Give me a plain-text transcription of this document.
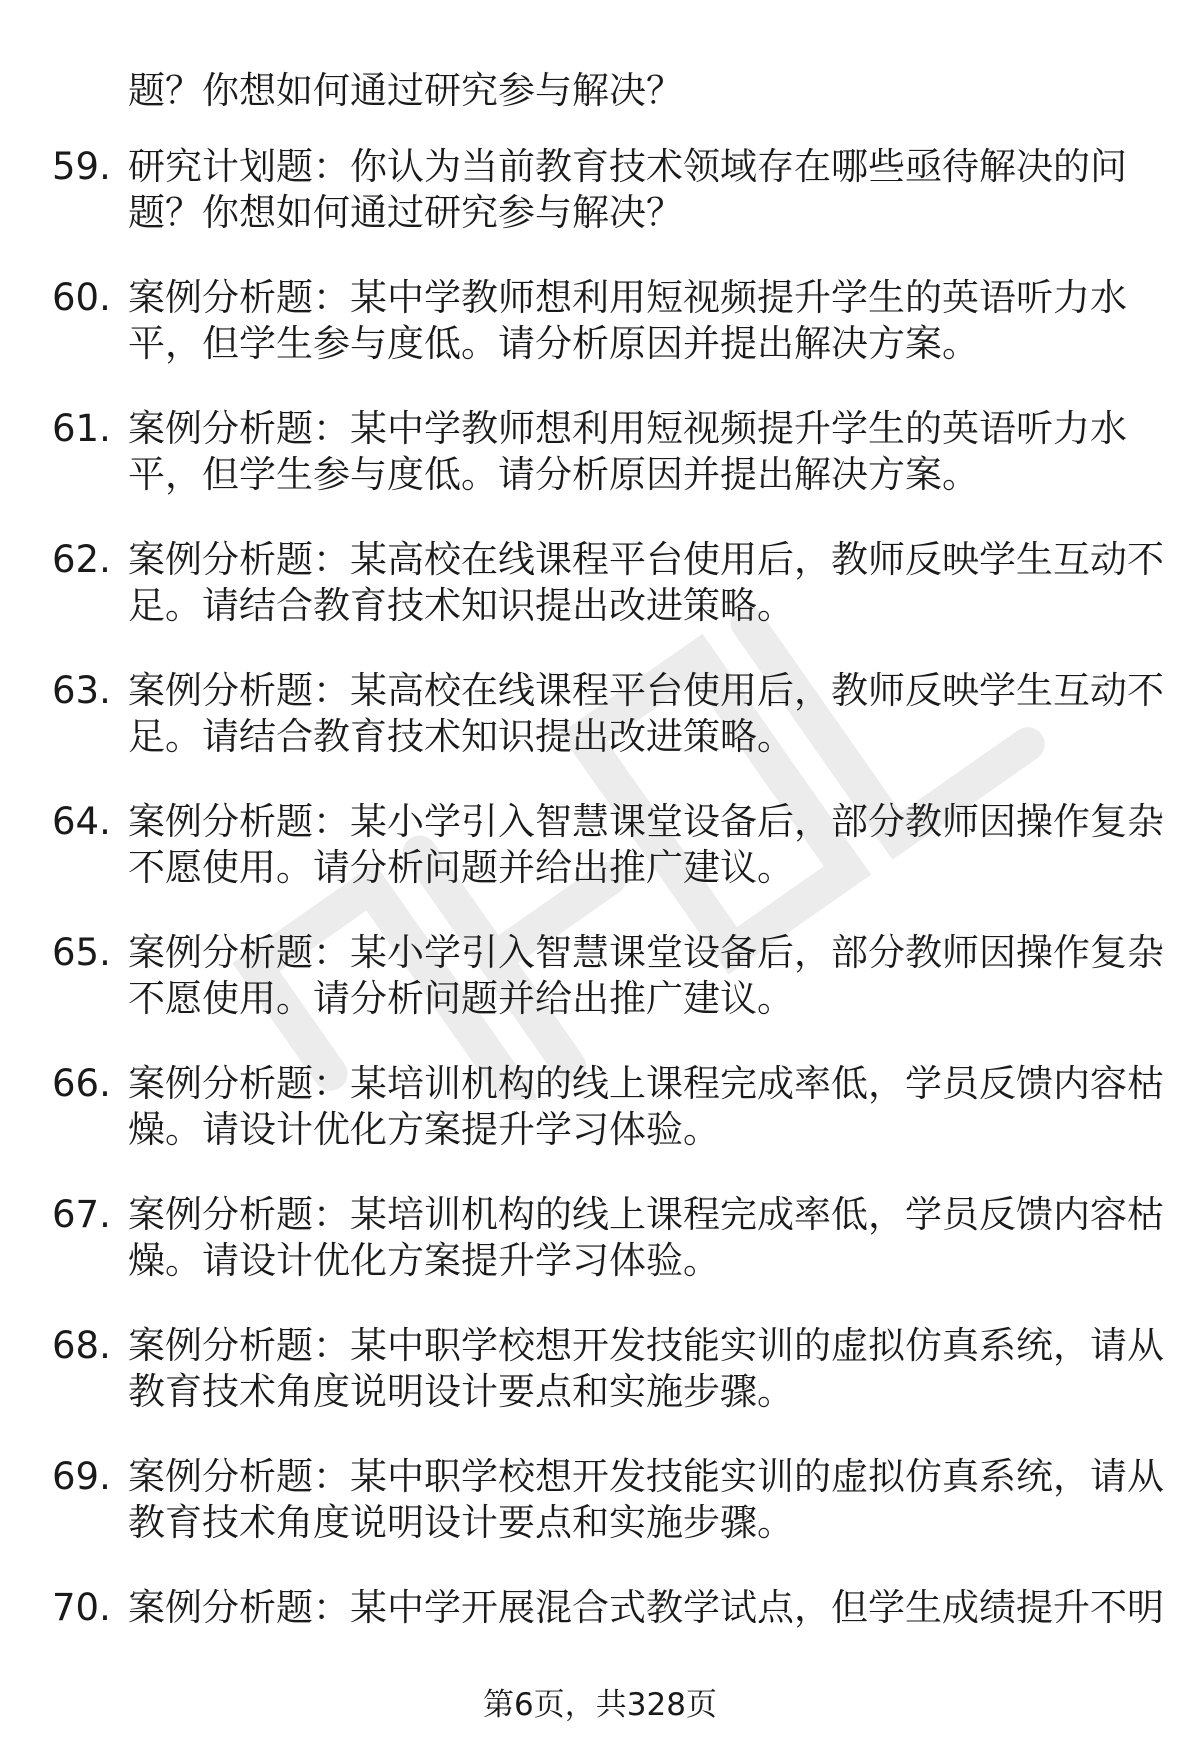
题？你想如何通过研究参与解决？
59. 研究计划题：你认为当前教育技术领域存在哪些亟待解决的问
题？你想如何通过研究参与解决？
60. 案例分析题：某中学教师想利用短视频提升学生的英语听力水
平，但学生参与度低。请分析原因并提出解决方案。
61. 案例分析题：某中学教师想利用短视频提升学生的英语听力水
平，但学生参与度低。请分析原因并提出解决方案。
62. 案例分析题：某高校在线课程平台使用后，教师反映学生互动不
足。请结合教育技术知识提出改进策略。
63. 案例分析题：某高校在线课程平台使用后，教师反映学生互动不
足。请结合教育技术知识提出改进策略。
64. 案例分析题：某小学引入智慧课堂设备后，部分教师因操作复杂
不愿使用。请分析问题并给出推广建议。
65. 案例分析题：某小学引入智慧课堂设备后，部分教师因操作复杂
不愿使用。请分析问题并给出推广建议。
66. 案例分析题：某培训机构的线上课程完成率低，学员反馈内容枯
燥。请设计优化方案提升学习体验。
67. 案例分析题：某培训机构的线上课程完成率低，学员反馈内容枯
燥。请设计优化方案提升学习体验。
68. 案例分析题：某中职学校想开发技能实训的虚拟仿真系统，请从
教育技术角度说明设计要点和实施步骤。
69. 案例分析题：某中职学校想开发技能实训的虚拟仿真系统，请从
教育技术角度说明设计要点和实施步骤。
70. 案例分析题：某中学开展混合式教学试点，但学生成绩提升不明
第6页，共328页
